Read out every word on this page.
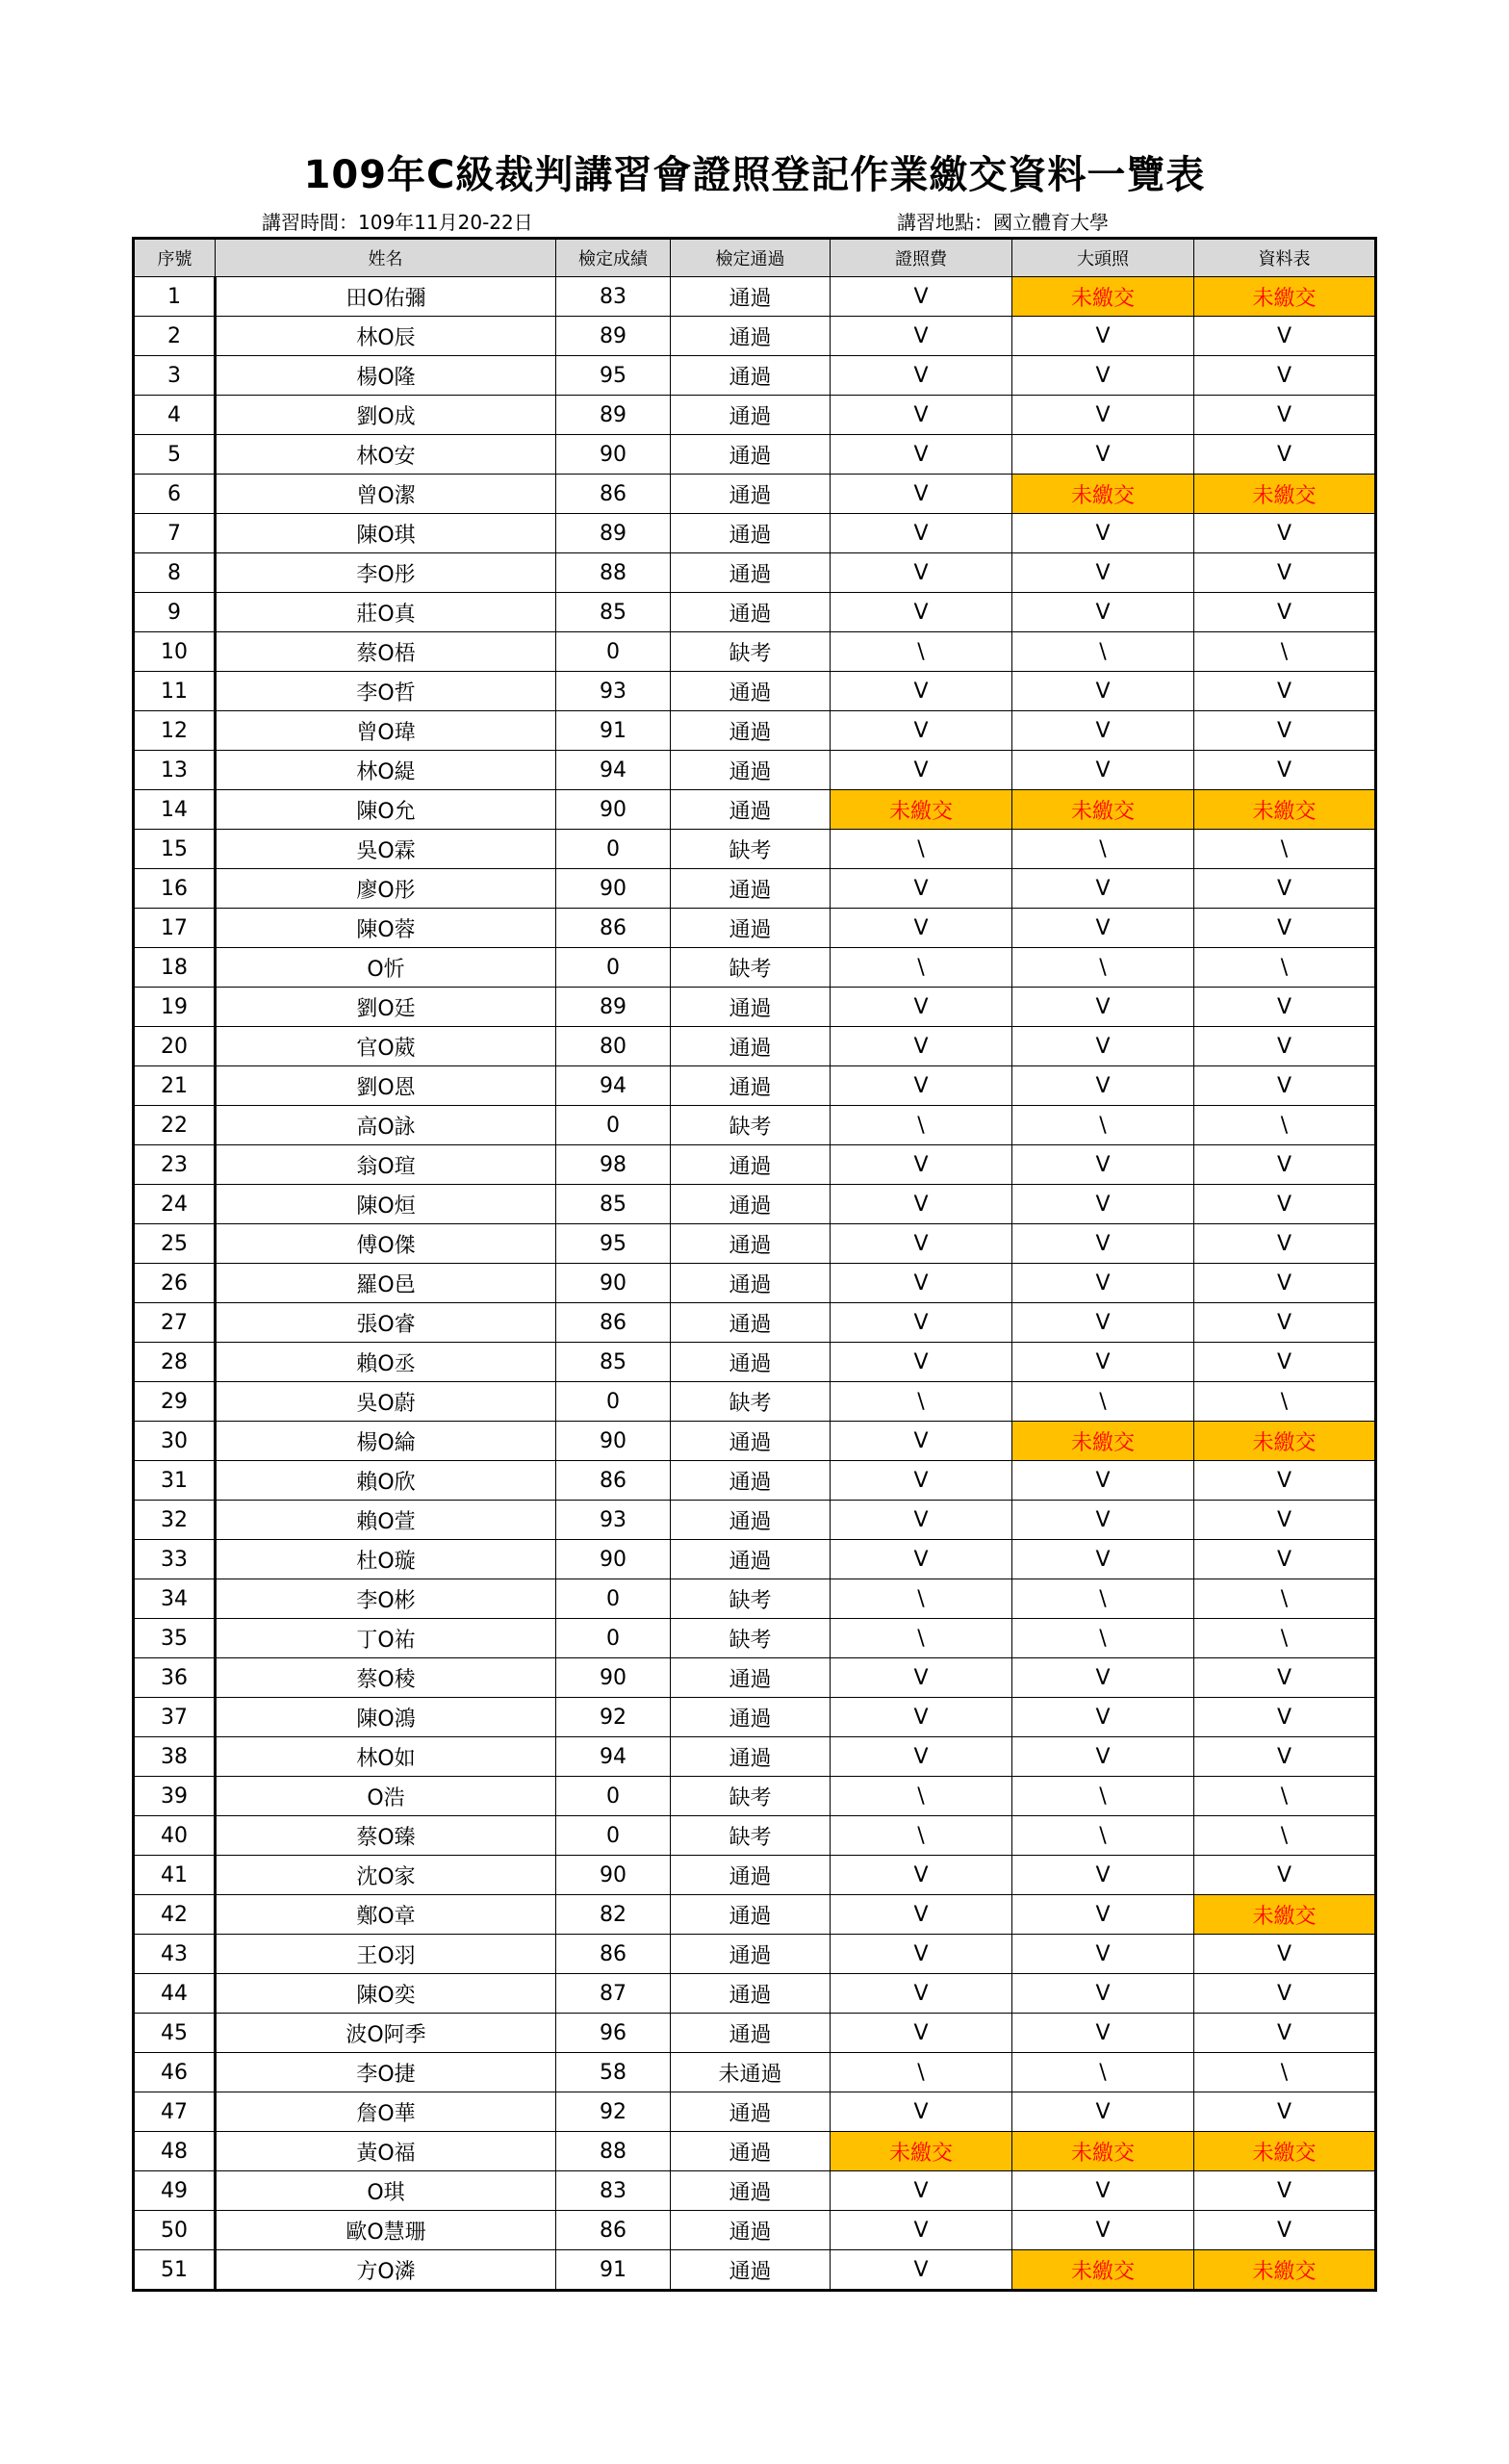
109年C級裁判講習會證照登記作業繳交資料一覽表
講習時間：109年11月20-22日	講習地點：國立體育大學
序號	姓名	檢定成績	檢定通過	證照費	大頭照	資料表
1	田O佑彌	83	通過	V	未繳交	未繳交
2	林O辰	89	通過	V	V	V
3	楊O隆	95	通過	V	V	V
4	劉O成	89	通過	V	V	V
5	林O安	90	通過	V	V	V
6	曾O潔	86	通過	V	未繳交	未繳交
7	陳O琪	89	通過	V	V	V
8	李O彤	88	通過	V	V	V
9	莊O真	85	通過	V	V	V
10	蔡O梧	0	缺考	\	\	\
11	李O哲	93	通過	V	V	V
12	曾O瑋	91	通過	V	V	V
13	林O緹	94	通過	V	V	V
14	陳O允	90	通過	未繳交	未繳交	未繳交
15	吳O霖	0	缺考	\	\	\
16	廖O彤	90	通過	V	V	V
17	陳O蓉	86	通過	V	V	V
18	O忻	0	缺考	\	\	\
19	劉O廷	89	通過	V	V	V
20	官O葳	80	通過	V	V	V
21	劉O恩	94	通過	V	V	V
22	高O詠	0	缺考	\	\	\
23	翁O瑄	98	通過	V	V	V
24	陳O烜	85	通過	V	V	V
25	傅O傑	95	通過	V	V	V
26	羅O邑	90	通過	V	V	V
27	張O睿	86	通過	V	V	V
28	賴O丞	85	通過	V	V	V
29	吳O蔚	0	缺考	\	\	\
30	楊O綸	90	通過	V	未繳交	未繳交
31	賴O欣	86	通過	V	V	V
32	賴O萱	93	通過	V	V	V
33	杜O璇	90	通過	V	V	V
34	李O彬	0	缺考	\	\	\
35	丁O祐	0	缺考	\	\	\
36	蔡O稜	90	通過	V	V	V
37	陳O鴻	92	通過	V	V	V
38	林O如	94	通過	V	V	V
39	O浩	0	缺考	\	\	\
40	蔡O臻	0	缺考	\	\	\
41	沈O家	90	通過	V	V	V
42	鄭O章	82	通過	V	V	未繳交
43	王O羽	86	通過	V	V	V
44	陳O奕	87	通過	V	V	V
45	波O阿季	96	通過	V	V	V
46	李O捷	58	未通過	\	\	\
47	詹O華	92	通過	V	V	V
48	黃O福	88	通過	未繳交	未繳交	未繳交
49	O琪	83	通過	V	V	V
50	歐O慧珊	86	通過	V	V	V
51	方O潾	91	通過	V	未繳交	未繳交
